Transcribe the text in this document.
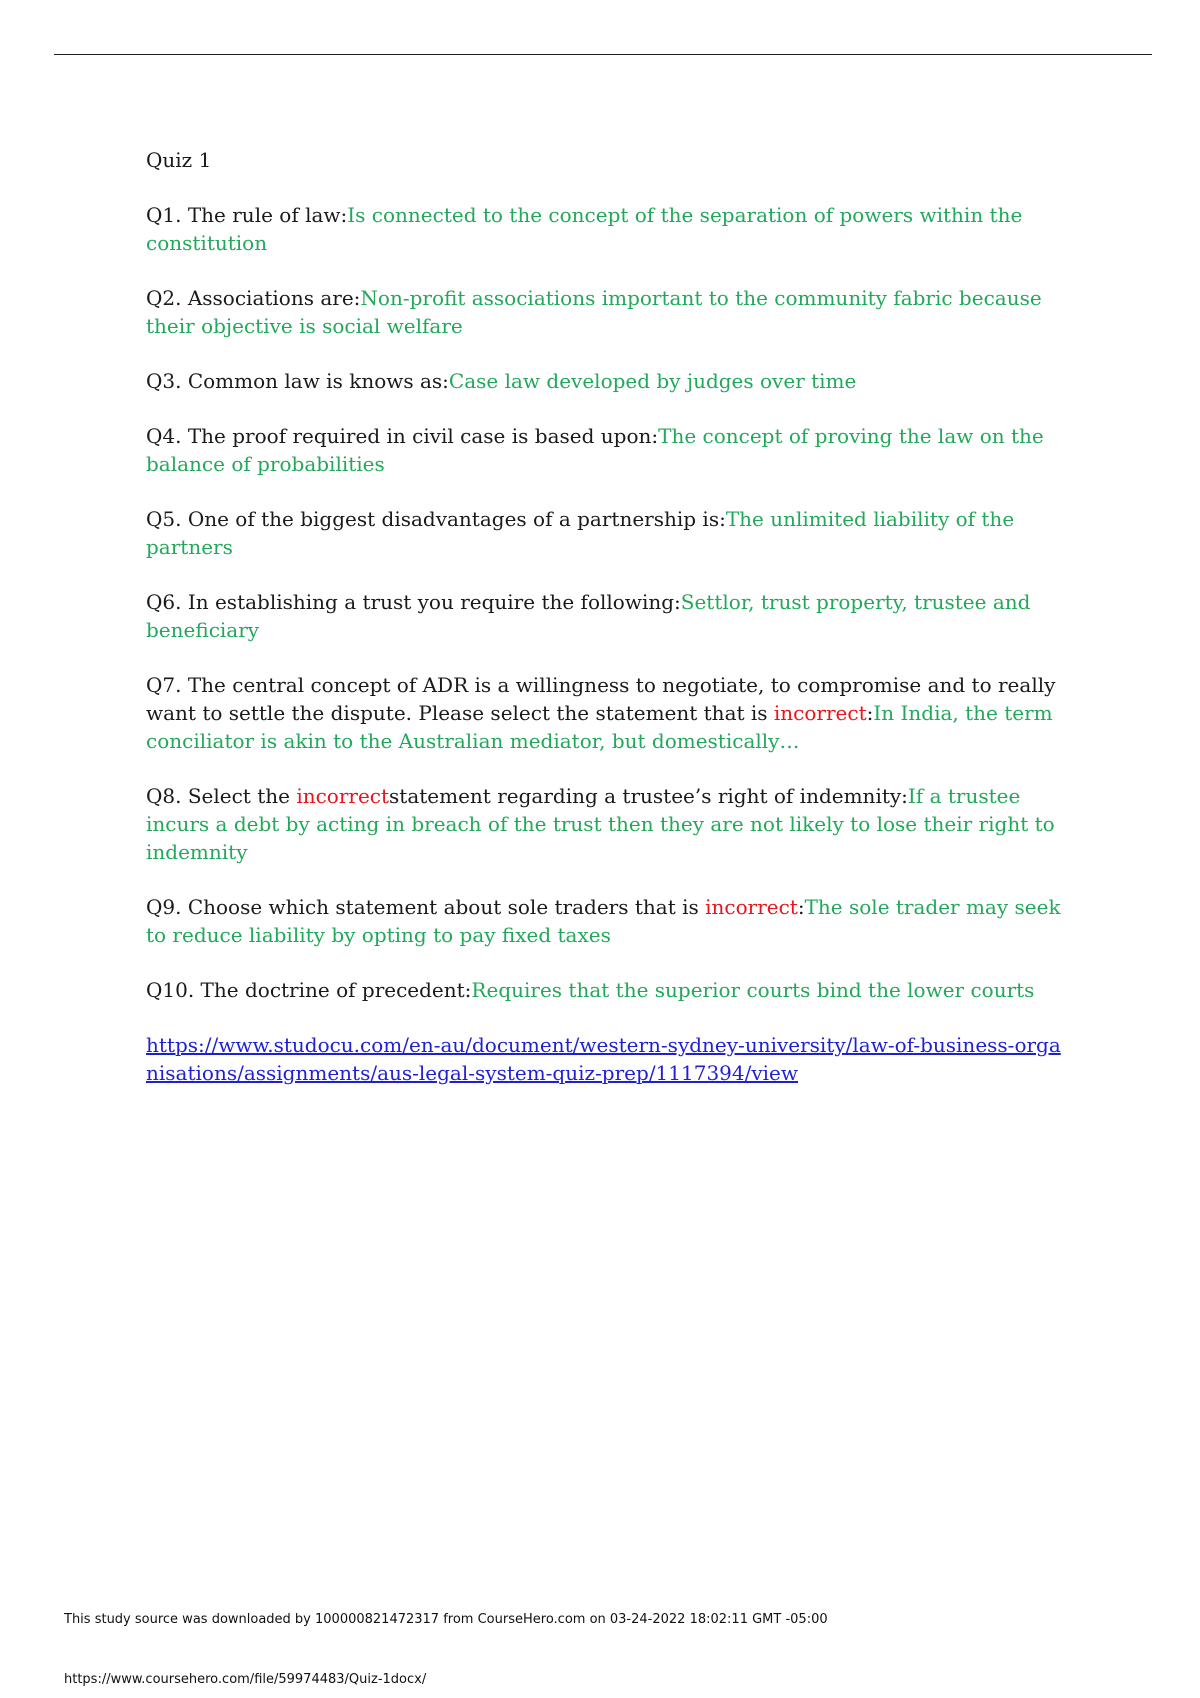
Quiz 1

Q1. The rule of law:Is connected to the concept of the separation of powers within the constitution

Q2. Associations are:Non-profit associations important to the community fabric because their objective is social welfare

Q3. Common law is knows as:Case law developed by judges over time

Q4. The proof required in civil case is based upon:The concept of proving the law on the balance of probabilities

Q5. One of the biggest disadvantages of a partnership is:The unlimited liability of the partners

Q6. In establishing a trust you require the following:Settlor, trust property, trustee and beneficiary

Q7. The central concept of ADR is a willingness to negotiate, to compromise and to really want to settle the dispute. Please select the statement that is incorrect:In India, the term conciliator is akin to the Australian mediator, but domestically…

Q8. Select the incorrectstatement regarding a trustee’s right of indemnity:If a trustee incurs a debt by acting in breach of the trust then they are not likely to lose their right to indemnity

Q9. Choose which statement about sole traders that is incorrect:The sole trader may seek to reduce liability by opting to pay fixed taxes

Q10. The doctrine of precedent:Requires that the superior courts bind the lower courts

https://www.studocu.com/en-au/document/western-sydney-university/law-of-business-organisations/assignments/aus-legal-system-quiz-prep/1117394/view

This study source was downloaded by 100000821472317 from CourseHero.com on 03-24-2022 18:02:11 GMT -05:00
https://www.coursehero.com/file/59974483/Quiz-1docx/
